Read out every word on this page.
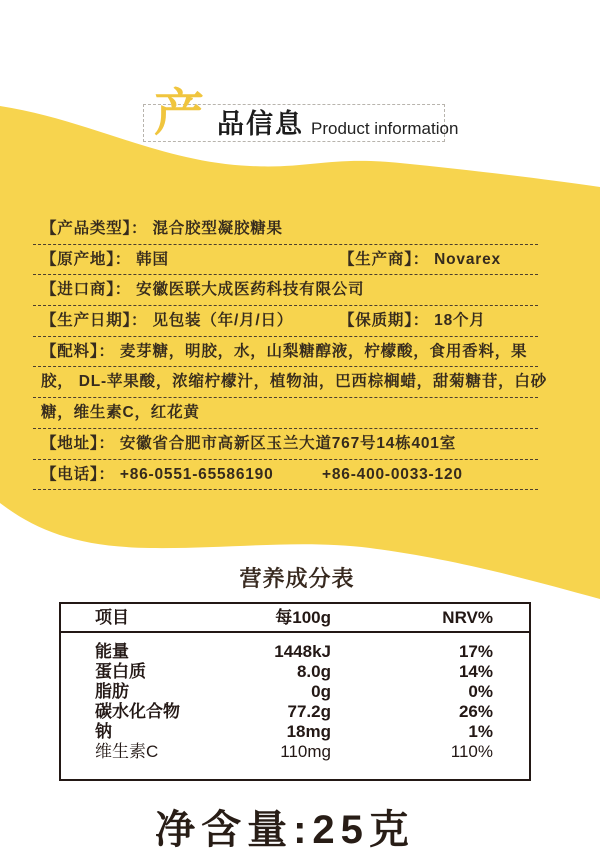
产 品信息 Product information
【产品类型】： 混合胶型凝胶糖果
【原产地】： 韩国	【生产商】： Novarex
【进口商】： 安徽医联大成医药科技有限公司
【生产日期】： 见包装（年/月/日）	【保质期】： 18个月
【配料】： 麦芽糖，明胶，水，山梨糖醇液，柠檬酸，食用香料，果
胶， DL-苹果酸，浓缩柠檬汁，植物油，巴西棕榈蜡，甜菊糖苷，白砂
糖，维生素C，红花黄
【地址】： 安徽省合肥市高新区玉兰大道767号14栋401室
【电话】： +86-0551-65586190	+86-400-0033-120
营养成分表
项目	每100g	NRV%
能量	1448kJ	17%
蛋白质	8.0g	14%
脂肪	0g	0%
碳水化合物	77.2g	26%
钠	18mg	1%
维生素C	110mg	110%
净含量:25克
